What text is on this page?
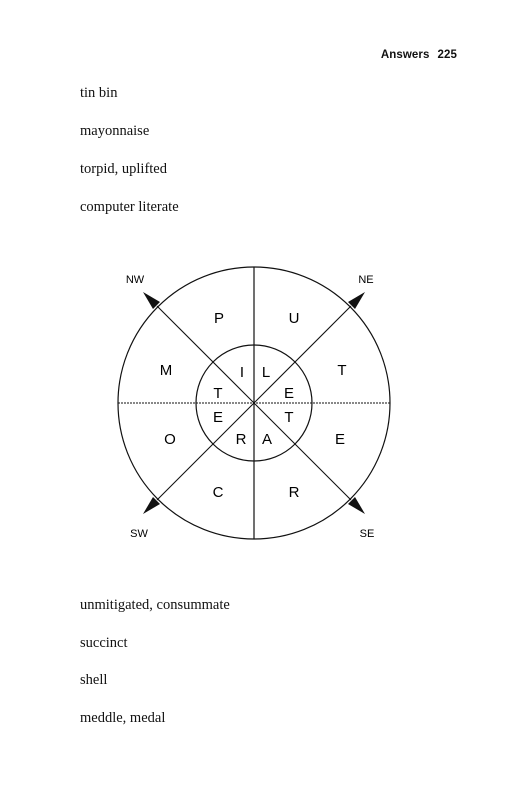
Answers 225
tin bin
mayonnaise
torpid, uplifted
computer literate
NW	NE
SW	SE
P	U
T
E
R
C
O
M	I L
E
T
A
R
E
T
unmitigated, consummate
succinct
shell
meddle, medal
